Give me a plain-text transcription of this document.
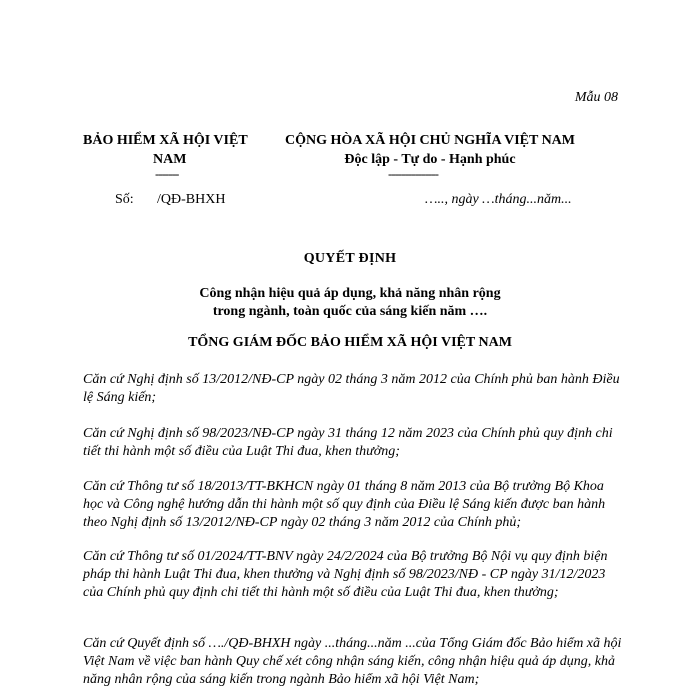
Mẫu 08
BẢO HIỂM XÃ HỘI VIỆT
NAM
-------
CỘNG HÒA XÃ HỘI CHỦ NGHĨA VIỆT NAM
Độc lập - Tự do - Hạnh phúc
---------------
Số: /QĐ-BHXH	….., ngày …tháng...năm...
QUYẾT ĐỊNH
Công nhận hiệu quả áp dụng, khả năng nhân rộng
trong ngành, toàn quốc của sáng kiến năm ….
TỔNG GIÁM ĐỐC BẢO HIỂM XÃ HỘI VIỆT NAM

Căn cứ Nghị định số 13/2012/NĐ-CP ngày 02 tháng 3 năm 2012 của Chính phủ ban hành Điều lệ Sáng kiến;

Căn cứ Nghị định số 98/2023/NĐ-CP ngày 31 tháng 12 năm 2023 của Chính phủ quy định chi tiết thi hành một số điều của Luật Thi đua, khen thưởng;

Căn cứ Thông tư số 18/2013/TT-BKHCN ngày 01 tháng 8 năm 2013 của Bộ trưởng Bộ Khoa học và Công nghệ hướng dẫn thi hành một số quy định của Điều lệ Sáng kiến được ban hành theo Nghị định số 13/2012/NĐ-CP ngày 02 tháng 3 năm 2012 của Chính phủ;

Căn cứ Thông tư số 01/2024/TT-BNV ngày 24/2/2024 của Bộ trưởng Bộ Nội vụ quy định biện pháp thi hành Luật Thi đua, khen thưởng và Nghị định số 98/2023/NĐ - CP ngày 31/12/2023 của Chính phủ quy định chi tiết thi hành một số điều của Luật Thi đua, khen thưởng;

Căn cứ Quyết định số …./QĐ-BHXH ngày ...tháng...năm ...của Tổng Giám đốc Bảo hiểm xã hội Việt Nam về việc ban hành Quy chế xét công nhận sáng kiến, công nhận hiệu quả áp dụng, khả năng nhân rộng của sáng kiến trong ngành Bảo hiểm xã hội Việt Nam;
